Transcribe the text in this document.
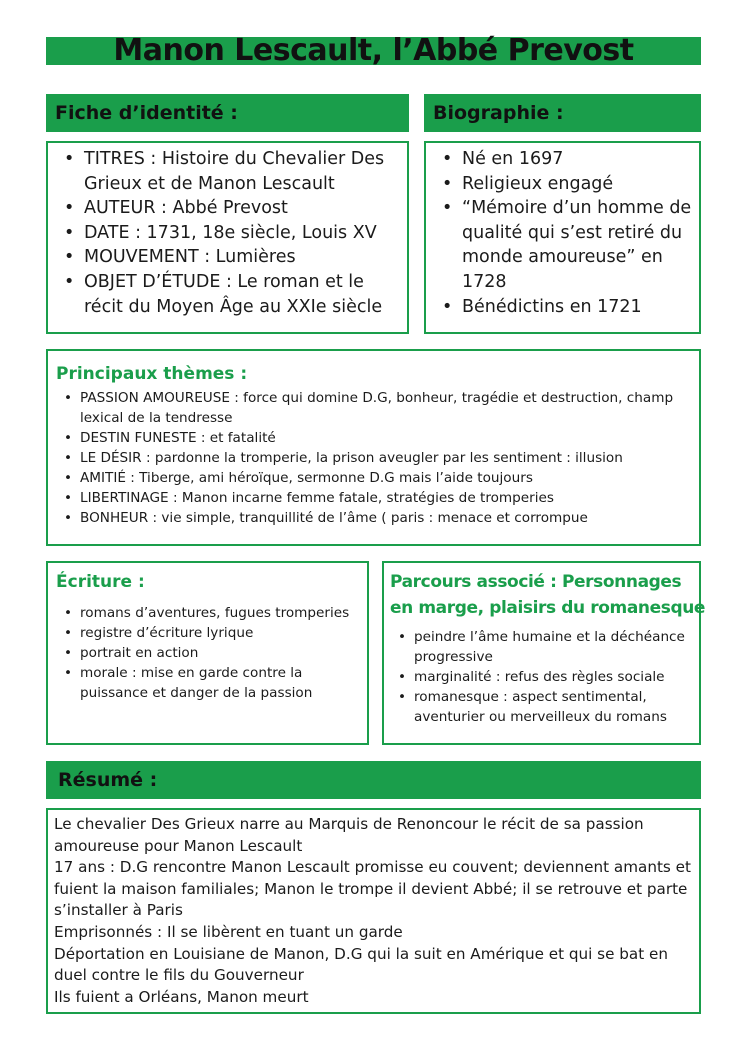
Manon Lescault, l’Abbé Prevost
Fiche d’identité :
• TITRES : Histoire du Chevalier Des Grieux et de Manon Lescault
• AUTEUR : Abbé Prevost
• DATE : 1731, 18e siècle, Louis XV
• MOUVEMENT : Lumières
• OBJET D’ÉTUDE : Le roman et le récit du Moyen Âge au XXIe siècle
Biographie :
• Né en 1697
• Religieux engagé
• “Mémoire d’un homme de qualité qui s’est retiré du monde amoureuse” en 1728
• Bénédictins en 1721
Principaux thèmes :
• PASSION AMOUREUSE : force qui domine D.G, bonheur, tragédie et destruction, champ lexical de la tendresse
• DESTIN FUNESTE : et fatalité
• LE DÉSIR : pardonne la tromperie, la prison aveugler par les sentiment : illusion
• AMITIÉ : Tiberge, ami héroïque, sermonne D.G mais l’aide toujours
• LIBERTINAGE : Manon incarne femme fatale, stratégies de tromperies
• BONHEUR : vie simple, tranquillité de l’âme ( paris : menace et corrompue
Écriture :
• romans d’aventures, fugues tromperies
• registre d’écriture lyrique
• portrait en action
• morale : mise en garde contre la puissance et danger de la passion
Parcours associé : Personnages
en marge, plaisirs du romanesque
• peindre l’âme humaine et la déchéance progressive
• marginalité : refus des règles sociale
• romanesque : aspect sentimental, aventurier ou merveilleux du romans
Résumé :
Le chevalier Des Grieux narre au Marquis de Renoncour le récit de sa passion amoureuse pour Manon Lescault
17 ans : D.G rencontre Manon Lescault promisse eu couvent; deviennent amants et fuient la maison familiales; Manon le trompe il devient Abbé; il se retrouve et parte s’installer à Paris
Emprisonnés : Il se libèrent en tuant un garde
Déportation en Louisiane de Manon, D.G qui la suit en Amérique et qui se bat en duel contre le fils du Gouverneur
Ils fuient a Orléans, Manon meurt
